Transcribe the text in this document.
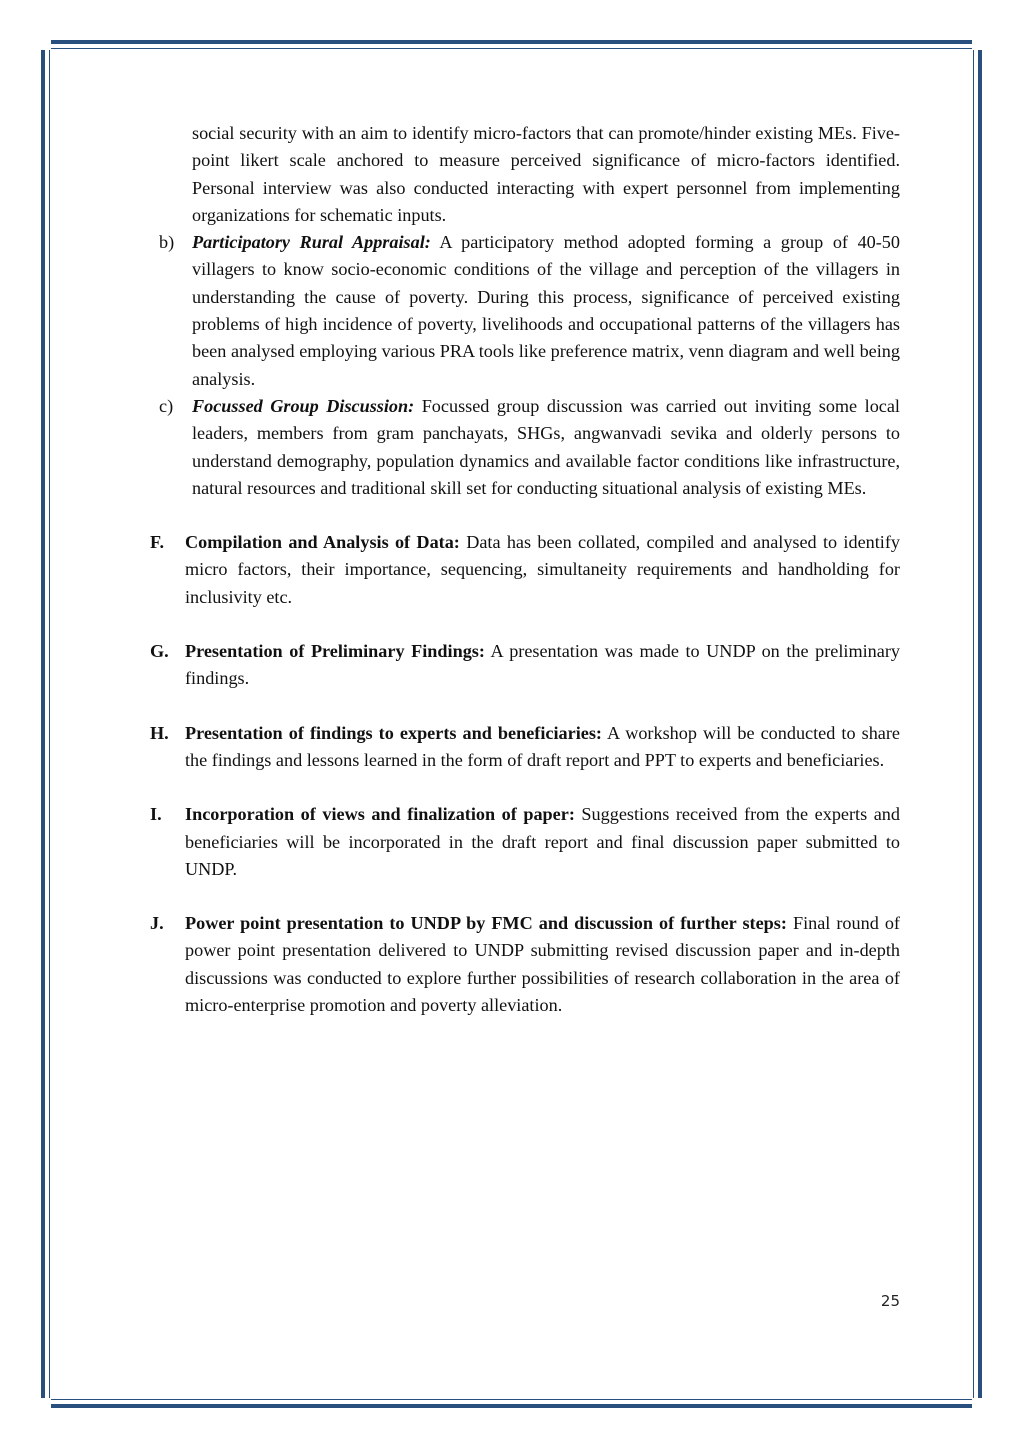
social security with an aim to identify micro-factors that can promote/hinder existing MEs. Five-point likert scale anchored to measure perceived significance of micro-factors identified. Personal interview was also conducted interacting with expert personnel from implementing organizations for schematic inputs.

b) Participatory Rural Appraisal: A participatory method adopted forming a group of 40-50 villagers to know socio-economic conditions of the village and perception of the villagers in understanding the cause of poverty. During this process, significance of perceived existing problems of high incidence of poverty, livelihoods and occupational patterns of the villagers has been analysed employing various PRA tools like preference matrix, venn diagram and well being analysis.
c) Focussed Group Discussion: Focussed group discussion was carried out inviting some local leaders, members from gram panchayats, SHGs, angwanvadi sevika and olderly persons to understand demography, population dynamics and available factor conditions like infrastructure, natural resources and traditional skill set for conducting situational analysis of existing MEs.
F. Compilation and Analysis of Data: Data has been collated, compiled and analysed to identify micro factors, their importance, sequencing, simultaneity requirements and handholding for inclusivity etc.
G. Presentation of Preliminary Findings: A presentation was made to UNDP on the preliminary findings.
H. Presentation of findings to experts and beneficiaries: A workshop will be conducted to share the findings and lessons learned in the form of draft report and PPT to experts and beneficiaries.
I. Incorporation of views and finalization of paper: Suggestions received from the experts and beneficiaries will be incorporated in the draft report and final discussion paper submitted to UNDP.
J. Power point presentation to UNDP by FMC and discussion of further steps: Final round of power point presentation delivered to UNDP submitting revised discussion paper and in-depth discussions was conducted to explore further possibilities of research collaboration in the area of micro-enterprise promotion and poverty alleviation.
25
